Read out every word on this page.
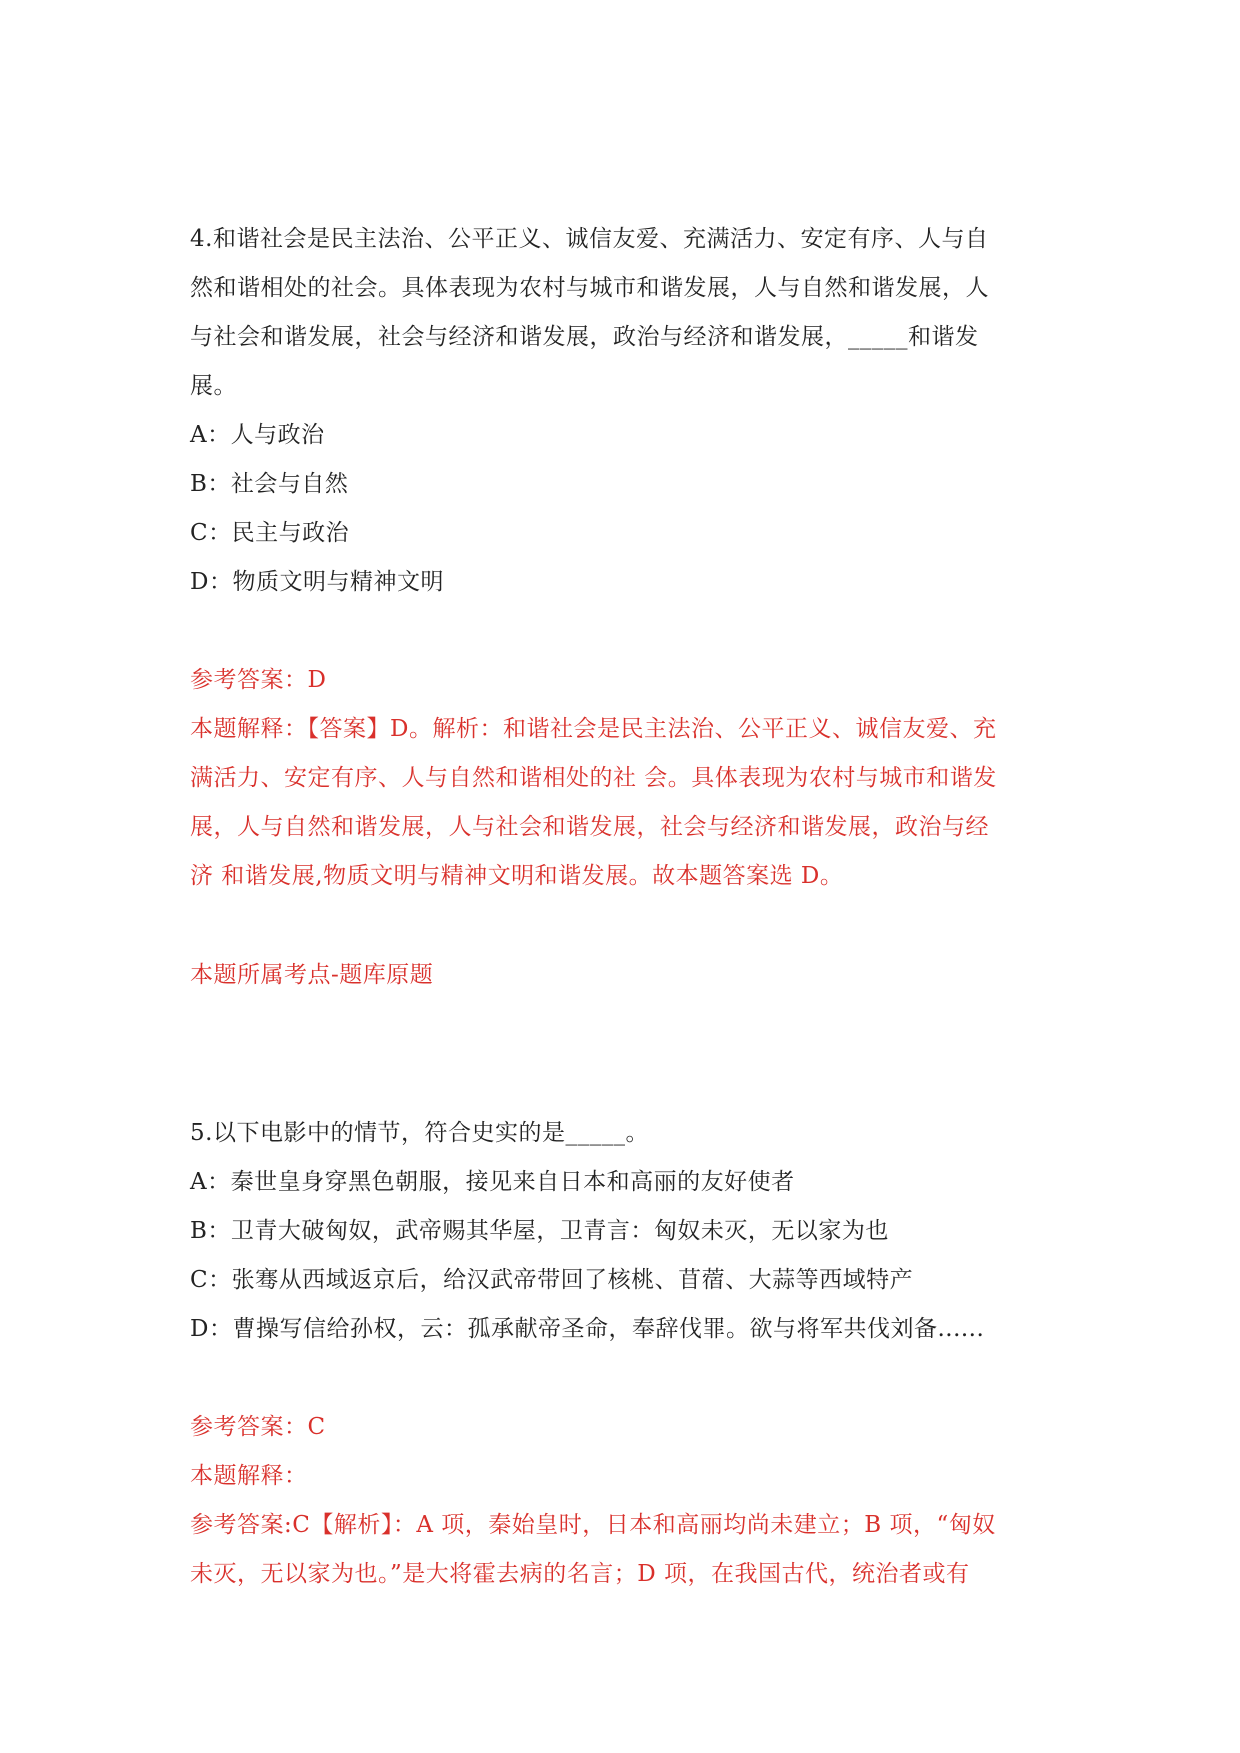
4.和谐社会是民主法治、公平正义、诚信友爱、充满活力、安定有序、人与自
然和谐相处的社会。具体表现为农村与城市和谐发展，人与自然和谐发展，人
与社会和谐发展，社会与经济和谐发展，政治与经济和谐发展，_____和谐发
展。
A：人与政治
B：社会与自然
C：民主与政治
D：物质文明与精神文明
参考答案：D
本题解释：【答案】D。解析：和谐社会是民主法治、公平正义、诚信友爱、充
满活力、安定有序、人与自然和谐相处的社 会。具体表现为农村与城市和谐发
展，人与自然和谐发展，人与社会和谐发展，社会与经济和谐发展，政治与经
济 和谐发展,物质文明与精神文明和谐发展。故本题答案选 D。
本题所属考点-题库原题
5.以下电影中的情节，符合史实的是_____。
A：秦世皇身穿黑色朝服，接见来自日本和高丽的友好使者
B：卫青大破匈奴，武帝赐其华屋，卫青言：匈奴未灭，无以家为也
C：张骞从西域返京后，给汉武帝带回了核桃、苜蓿、大蒜等西域特产
D：曹操写信给孙权，云：孤承献帝圣命，奉辞伐罪。欲与将军共伐刘备......
参考答案：C
本题解释：
参考答案:C【解析】：A 项，秦始皇时，日本和高丽均尚未建立；B 项，“匈奴
未灭，无以家为也。”是大将霍去病的名言；D 项，在我国古代，统治者或有
